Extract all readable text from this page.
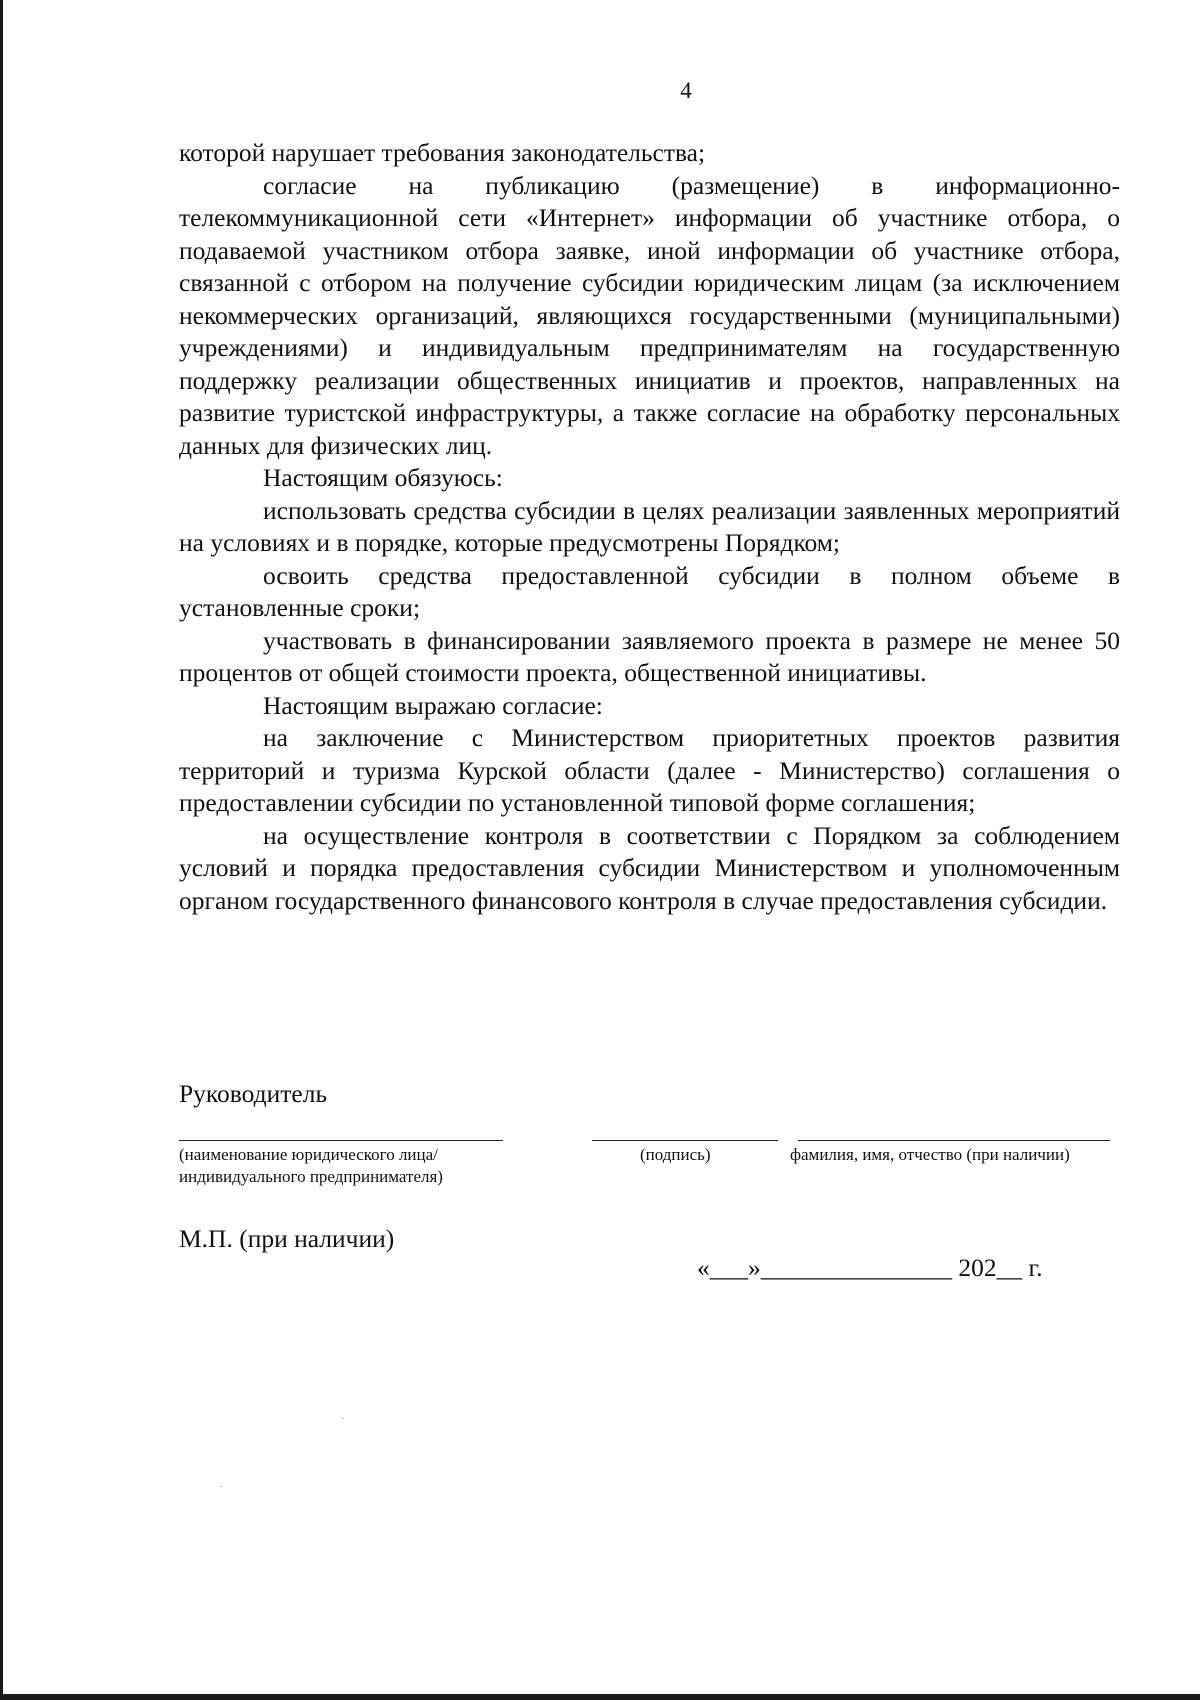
4

которой нарушает требования законодательства;

согласие на публикацию (размещение) в информационно-телекоммуникационной сети «Интернет» информации об участнике отбора, о подаваемой участником отбора заявке, иной информации об участнике отбора, связанной с отбором на получение субсидии юридическим лицам (за исключением некоммерческих организаций, являющихся государственными (муниципальными) учреждениями) и индивидуальным предпринимателям на государственную поддержку реализации общественных инициатив и проектов, направленных на развитие туристской инфраструктуры, а также согласие на обработку персональных данных для физических лиц.

Настоящим обязуюсь:

использовать средства субсидии в целях реализации заявленных мероприятий на условиях и в порядке, которые предусмотрены Порядком;

освоить средства предоставленной субсидии в полном объеме в установленные сроки;

участвовать в финансировании заявляемого проекта в размере не менее 50 процентов от общей стоимости проекта, общественной инициативы.

Настоящим выражаю согласие:

на заключение с Министерством приоритетных проектов развития территорий и туризма Курской области (далее - Министерство) соглашения о предоставлении субсидии по установленной типовой форме соглашения;

на осуществление контроля в соответствии с Порядком за соблюдением условий и порядка предоставления субсидии Министерством и уполномоченным органом государственного финансового контроля в случае предоставления субсидии.

Руководитель
(наименование юридического лица/ индивидуального предпринимателя)
(подпись)	фамилия, имя, отчество (при наличии)
М.П. (при наличии)
«___»_______________ 202__ г.
